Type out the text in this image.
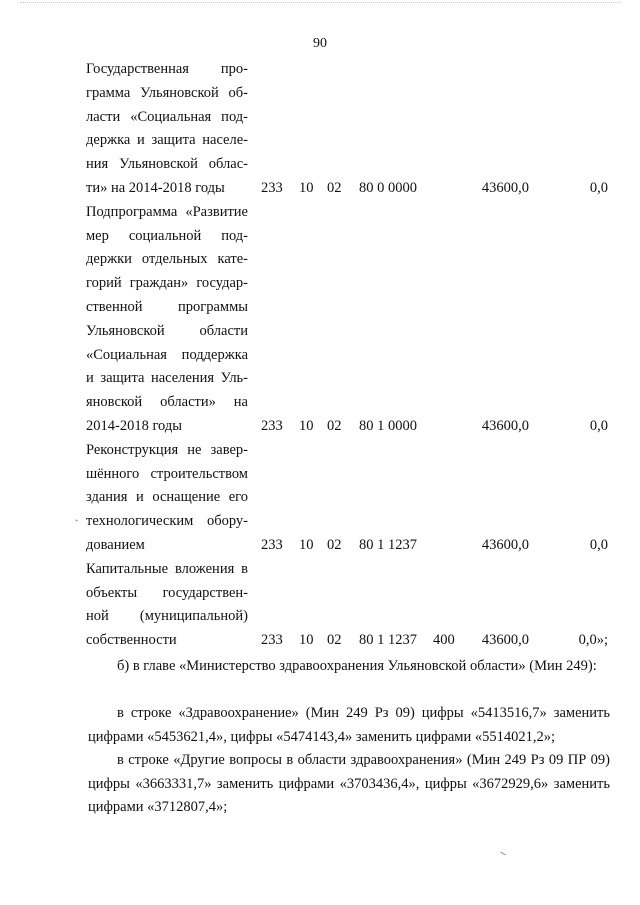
90
Государственная про-
грамма Ульяновской об-
ласти «Социальная под-
держка и защита населе-
ния Ульяновской облас-
ти» на 2014-2018 годы	233 10 02 80 0 0000	43600,0	0,0
Подпрограмма «Развитие
мер социальной под-
держки отдельных кате-
горий граждан» государ-
ственной программы
Ульяновской области
«Социальная поддержка
и защита населения Уль-
яновской области» на
2014-2018 годы	233 10 02 80 1 0000	43600,0	0,0
Реконструкция не завер-
шённого строительством
здания и оснащение его
технологическим обору-
дованием	233 10 02 80 1 1237	43600,0	0,0
Капитальные вложения в
объекты государствен-
ной (муниципальной)
собственности	233 10 02 80 1 1237 400 43600,0	0,0»;
б) в главе «Министерство здравоохранения Ульяновской области» (Мин 249):
в строке «Здравоохранение» (Мин 249 Рз 09) цифры «5413516,7» заменить цифрами «5453621,4», цифры «5474143,4» заменить цифрами «5514021,2»;
в строке «Другие вопросы в области здравоохранения» (Мин 249 Рз 09 ПР 09) цифры «3663331,7» заменить цифрами «3703436,4», цифры «3672929,6» заменить цифрами «3712807,4»;
